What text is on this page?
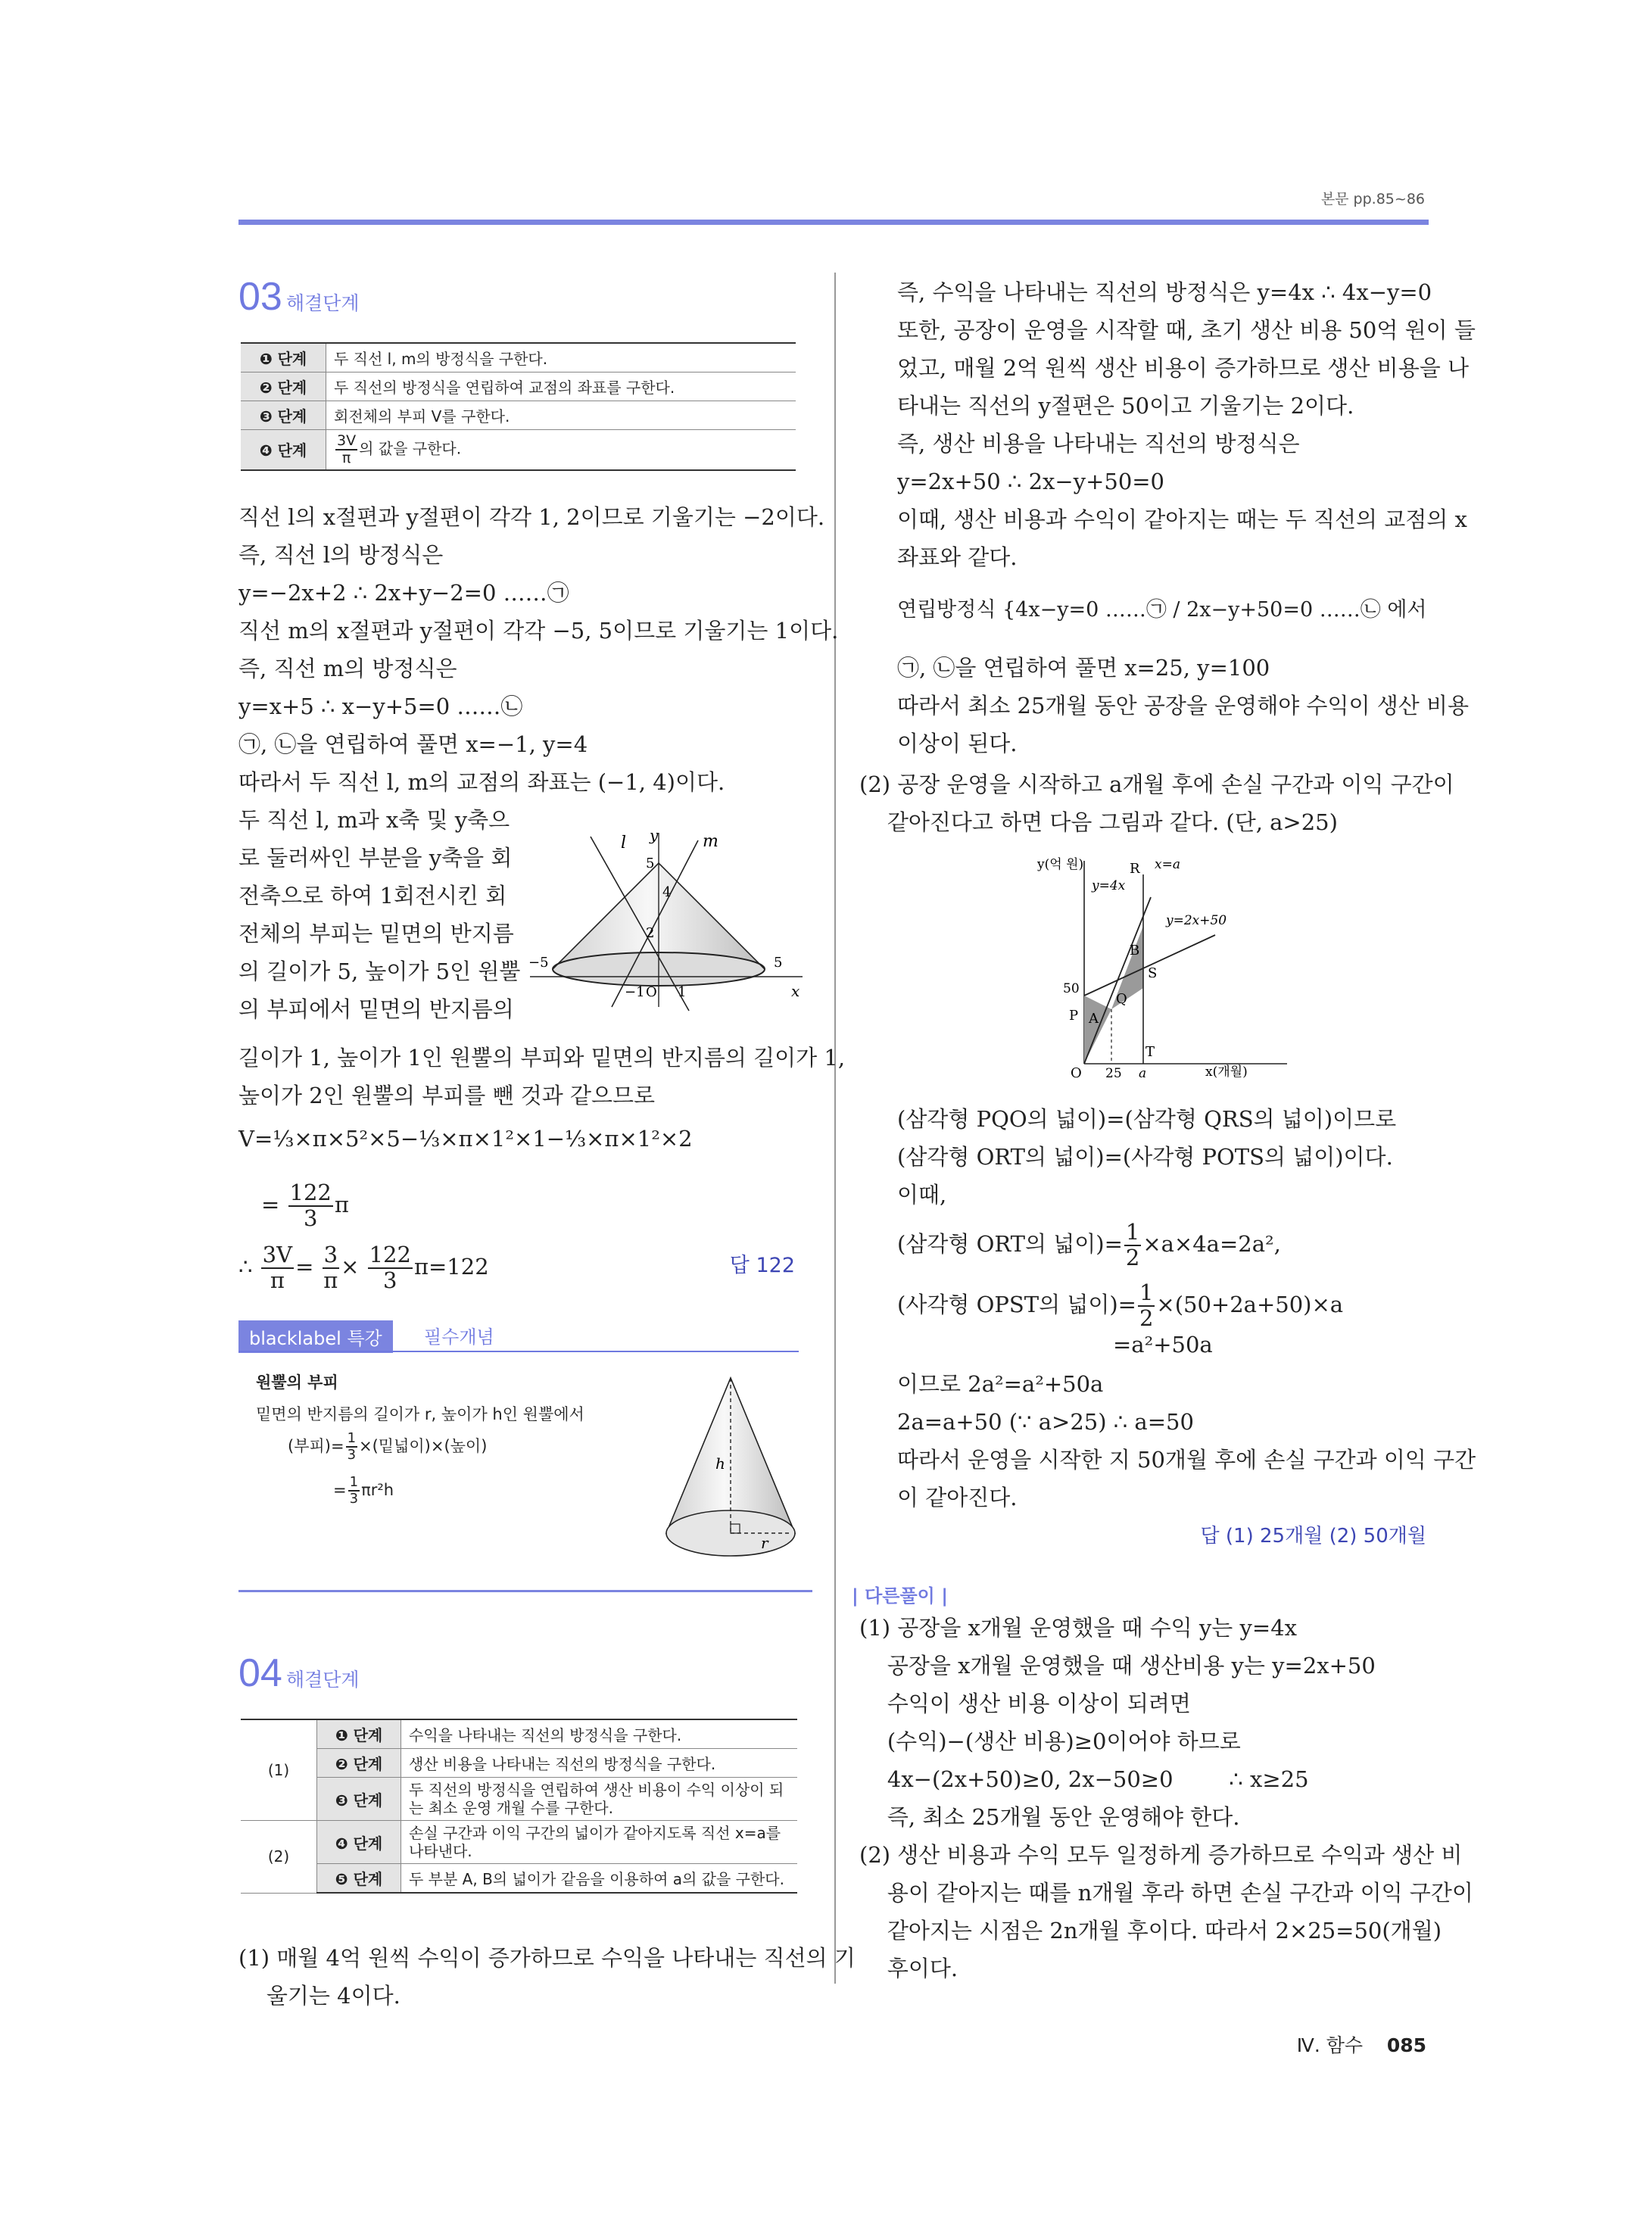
본문 pp.85~86
03 해결단계
❶ 단계	두 직선 l, m의 방정식을 구한다.
❷ 단계	두 직선의 방정식을 연립하여 교점의 좌표를 구한다.
❸ 단계	회전체의 부피 V를 구한다.
❹ 단계	$\frac{3V}{\pi}$ 의 값을 구한다.
직선 l의 x절편과 y절편이 각각 1, 2이므로 기울기는 −2이다.
즉, 직선 l의 방정식은
y=−2x+2 ∴ 2x+y−2=0 ……㉠
직선 m의 x절편과 y절편이 각각 −5, 5이므로 기울기는 1이다.
즉, 직선 m의 방정식은
y=x+5 ∴ x−y+5=0 ……㉡
㉠, ㉡을 연립하여 풀면 x=−1, y=4
따라서 두 직선 l, m의 교점의 좌표는 (−1, 4)이다.
두 직선 l, m과 x축 및 y축으
로 둘러싸인 부분을 y축을 회
전축으로 하여 1회전시킨 회
전체의 부피는 밑면의 반지름
의 길이가 5, 높이가 5인 원뿔
의 부피에서 밑면의 반지름의
길이가 1, 높이가 1인 원뿔의 부피와 밑면의 반지름의 길이가 1,
높이가 2인 원뿔의 부피를 뺀 것과 같으므로
l	m
y
x
5
4
2
−5	5
−1 O 1
V=⅓×π×5²×5−⅓×π×1²×1−⅓×π×1²×2
= $\frac{122}{3}$ π
∴ $\frac{3V}{\pi} = \frac{3}{\pi} \times \frac{122}{3} \pi=122$	답 122
blacklabel 특강	필수개념
원뿔의 부피
밑면의 반지름의 길이가 r, 높이가 h인 원뿔에서
(부피)= $\frac{1}{3}$ ×(밑넓이)×(높이)
= $\frac{1}{3} \pi r^2h$
h
r
04 해결단계
(1)	❶ 단계	수익을 나타내는 직선의 방정식을 구한다.
	❷ 단계	생산 비용을 나타내는 직선의 방정식을 구한다.
	❸ 단계	두 직선의 방정식을 연립하여 생산 비용이 수익 이상이 되는 최소 운영 개월 수를 구한다.
(2)	❹ 단계	손실 구간과 이익 구간의 넓이가 같아지도록 직선 x=a를 나타낸다.
	❺ 단계	두 부분 A, B의 넓이가 같음을 이용하여 a의 값을 구한다.
(1) 매월 4억 원씩 수익이 증가하므로 수익을 나타내는 직선의 기
울기는 4이다.
즉, 수익을 나타내는 직선의 방정식은 y=4x ∴ 4x−y=0
또한, 공장이 운영을 시작할 때, 초기 생산 비용 50억 원이 들
었고, 매월 2억 원씩 생산 비용이 증가하므로 생산 비용을 나
타내는 직선의 y절편은 50이고 기울기는 2이다.
즉, 생산 비용을 나타내는 직선의 방정식은
y=2x+50 ∴ 2x−y+50=0
이때, 생산 비용과 수익이 같아지는 때는 두 직선의 교점의 x
좌표와 같다.
연립방정식 {4x−y=0 ……㉠ / 2x−y+50=0 ……㉡ 에서
㉠, ㉡을 연립하여 풀면 x=25, y=100
따라서 최소 25개월 동안 공장을 운영해야 수익이 생산 비용
이상이 된다.
(2) 공장 운영을 시작하고 a개월 후에 손실 구간과 이익 구간이
같아진다고 하면 다음 그림과 같다. (단, a>25)
y(억 원)
x(개월)
x=a
y=4x
y=2x+50
50
25 a
O
R
B
S
Q
P A
T
(삼각형 PQO의 넓이)=(삼각형 QRS의 넓이)이므로
(삼각형 ORT의 넓이)=(사각형 POTS의 넓이)이다.
이때,
(삼각형 ORT의 넓이)= $\frac{1}{2} \times a\times 4a=2a^2$,
(사각형 OPST의 넓이)= $\frac{1}{2} \times(50+2a+50)\times a$
=a²+50a
이므로 2a²=a²+50a
2a=a+50 (∵ a>25) ∴ a=50
따라서 운영을 시작한 지 50개월 후에 손실 구간과 이익 구간
이 같아진다.
답 (1) 25개월 (2) 50개월
| 다른풀이 |
(1) 공장을 x개월 운영했을 때 수익 y는 y=4x
공장을 x개월 운영했을 때 생산비용 y는 y=2x+50
수익이 생산 비용 이상이 되려면
(수익)−(생산 비용)≥0이어야 하므로
4x−(2x+50)≥0, 2x−50≥0        ∴ x≥25
즉, 최소 25개월 동안 운영해야 한다.
(2) 생산 비용과 수익 모두 일정하게 증가하므로 수익과 생산 비
용이 같아지는 때를 n개월 후라 하면 손실 구간과 이익 구간이
같아지는 시점은 2n개월 후이다. 따라서 2×25=50(개월)
후이다.
Ⅳ. 함수 085
